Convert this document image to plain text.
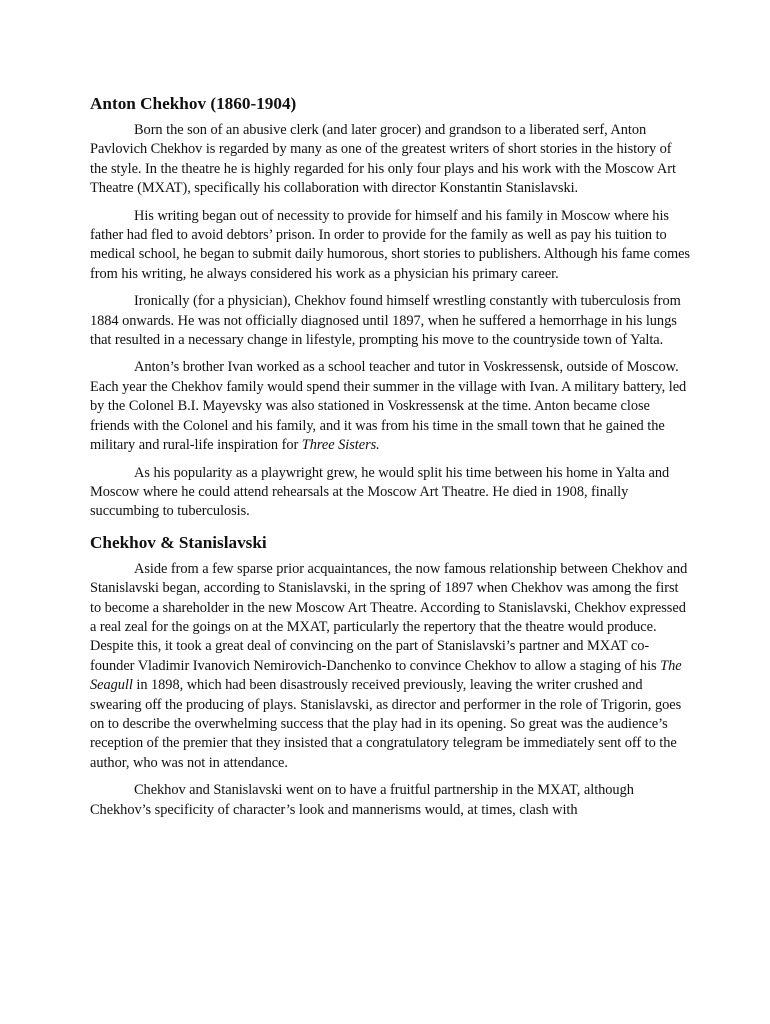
Anton Chekhov (1860-1904)

Born the son of an abusive clerk (and later grocer) and grandson to a liberated serf, Anton Pavlovich Chekhov is regarded by many as one of the greatest writers of short stories in the history of the style. In the theatre he is highly regarded for his only four plays and his work with the Moscow Art Theatre (MXAT), specifically his collaboration with director Konstantin Stanislavski.

His writing began out of necessity to provide for himself and his family in Moscow where his father had fled to avoid debtors’ prison. In order to provide for the family as well as pay his tuition to medical school, he began to submit daily humorous, short stories to publishers. Although his fame comes from his writing, he always considered his work as a physician his primary career.

Ironically (for a physician), Chekhov found himself wrestling constantly with tuberculosis from 1884 onwards. He was not officially diagnosed until 1897, when he suffered a hemorrhage in his lungs that resulted in a necessary change in lifestyle, prompting his move to the countryside town of Yalta.

Anton’s brother Ivan worked as a school teacher and tutor in Voskressensk, outside of Moscow. Each year the Chekhov family would spend their summer in the village with Ivan. A military battery, led by the Colonel B.I. Mayevsky was also stationed in Voskressensk at the time. Anton became close friends with the Colonel and his family, and it was from his time in the small town that he gained the military and rural-life inspiration for Three Sisters.

As his popularity as a playwright grew, he would split his time between his home in Yalta and Moscow where he could attend rehearsals at the Moscow Art Theatre. He died in 1908, finally succumbing to tuberculosis.

Chekhov & Stanislavski

Aside from a few sparse prior acquaintances, the now famous relationship between Chekhov and Stanislavski began, according to Stanislavski, in the spring of 1897 when Chekhov was among the first to become a shareholder in the new Moscow Art Theatre. According to Stanislavski, Chekhov expressed a real zeal for the goings on at the MXAT, particularly the repertory that the theatre would produce. Despite this, it took a great deal of convincing on the part of Stanislavski’s partner and MXAT co-founder Vladimir Ivanovich Nemirovich-Danchenko to convince Chekhov to allow a staging of his The Seagull in 1898, which had been disastrously received previously, leaving the writer crushed and swearing off the producing of plays. Stanislavski, as director and performer in the role of Trigorin, goes on to describe the overwhelming success that the play had in its opening. So great was the audience’s reception of the premier that they insisted that a congratulatory telegram be immediately sent off to the author, who was not in attendance.

Chekhov and Stanislavski went on to have a fruitful partnership in the MXAT, although Chekhov’s specificity of character’s look and mannerisms would, at times, clash with
